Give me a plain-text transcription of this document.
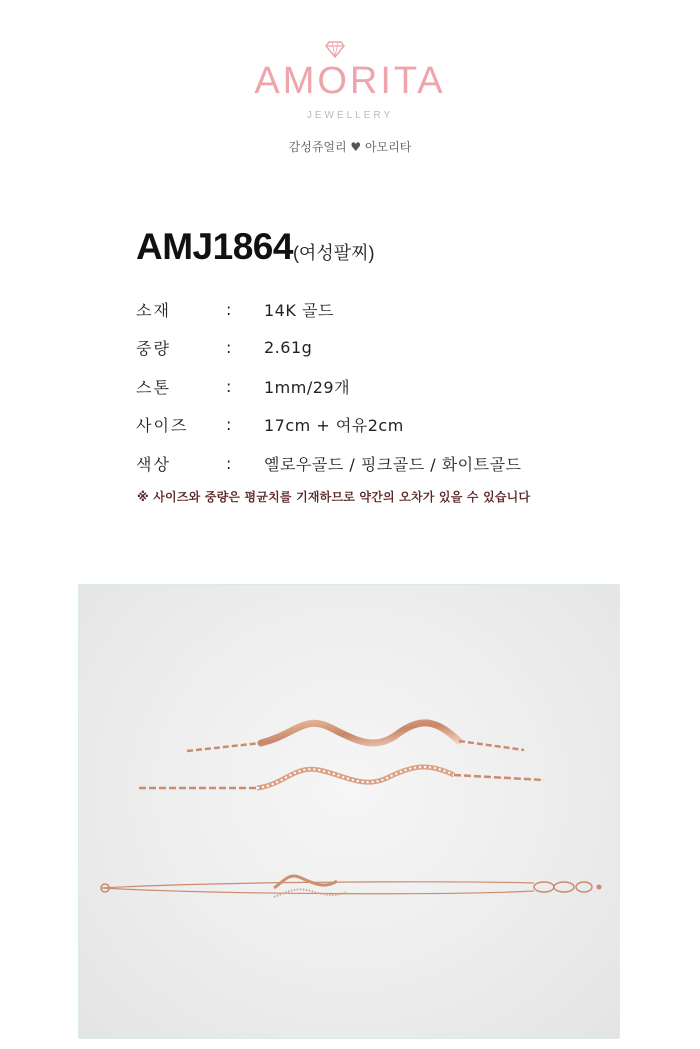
AMORITA
JEWELLERY
감성쥬얼리 ♥ 아모리타
AMJ1864(여성팔찌)
소재	:	14K 골드
중량	:	2.61g
스톤	:	1mm/29개
사이즈	:	17cm + 여유2cm
색상	:	옐로우골드 / 핑크골드 / 화이트골드
※ 사이즈와 중량은 평균치를 기재하므로 약간의 오차가 있을 수 있습니다
